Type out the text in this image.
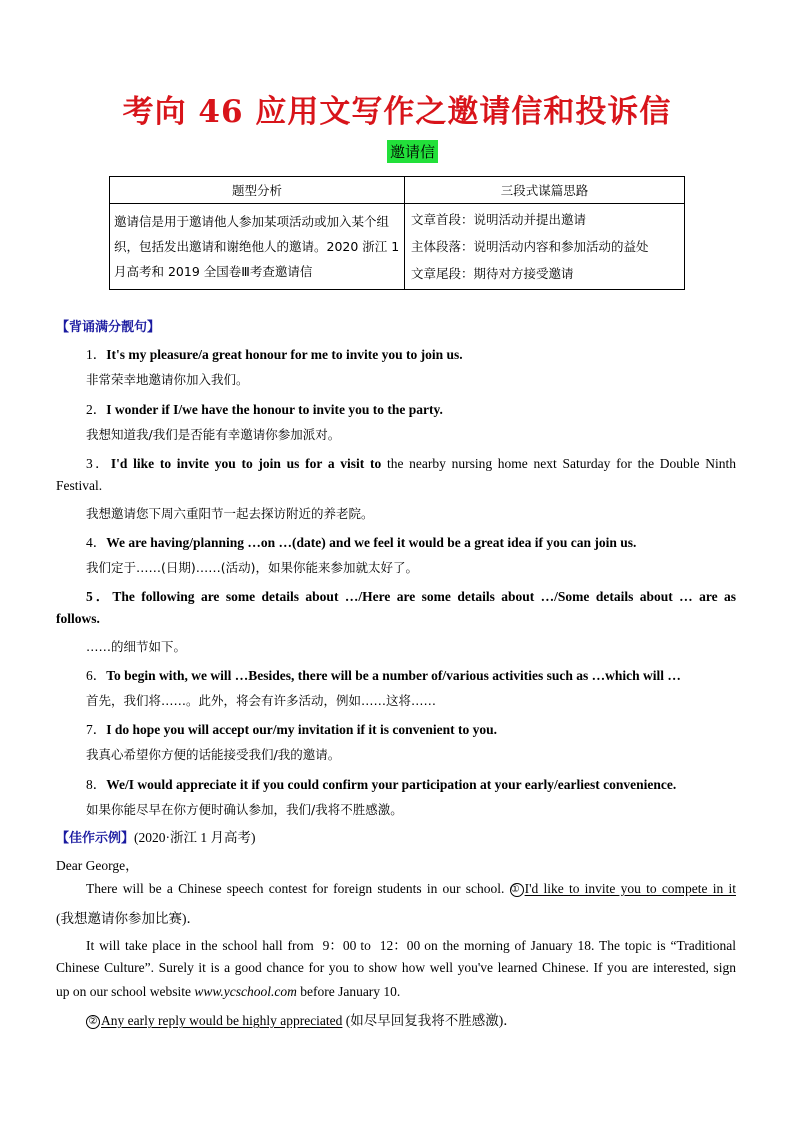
考向 46 应用文写作之邀请信和投诉信
邀请信
题型分析	三段式谋篇思路
邀请信是用于邀请他人参加某项活动或加入某个组织，包括发出邀请和谢绝他人的邀请。2020 浙江 1 月高考和 2019 全国卷Ⅲ考查邀请信	文章首段：说明活动并提出邀请
主体段落：说明活动内容和参加活动的益处
文章尾段：期待对方接受邀请
【背诵满分靓句】
1．It's my pleasure/a great honour for me to invite you to join us.
非常荣幸地邀请你加入我们。
2．I wonder if I/we have the honour to invite you to the party.
我想知道我/我们是否能有幸邀请你参加派对。
3．I'd like to invite you to join us for a visit to the nearby nursing home next Saturday for the Double Ninth
Festival.
我想邀请您下周六重阳节一起去探访附近的养老院。
4．We are having/planning …on …(date) and we feel it would be a great idea if you can join us.
我们定于……(日期)……(活动)，如果你能来参加就太好了。
5．The following are some details about …/Here are some details about …/Some details about … are as
follows.
……的细节如下。
6．To begin with, we will …Besides, there will be a number of/various activities such as …which will …
首先，我们将……。此外，将会有许多活动，例如……这将……
7．I do hope you will accept our/my invitation if it is convenient to you.
我真心希望你方便的话能接受我们/我的邀请。
8．We/I would appreciate it if you could confirm your participation at your early/earliest convenience.
如果你能尽早在你方便时确认参加，我们/我将不胜感激。
【佳作示例】(2020·浙江 1 月高考)
Dear George，
There will be a Chinese speech contest for foreign students in our school. ① I'd like to invite you to compete in it
(我想邀请你参加比赛)．
It will take place in the school hall from 9：00 to 12：00 on the morning of January 18. The topic is “Traditional
Chinese Culture”. Surely it is a good chance for you to show how well you've learned Chinese. If you are interested, sign
up on our school website www.ycschool.com before January 10.
② Any early reply would be highly appreciated (如尽早回复我将不胜感激)．
